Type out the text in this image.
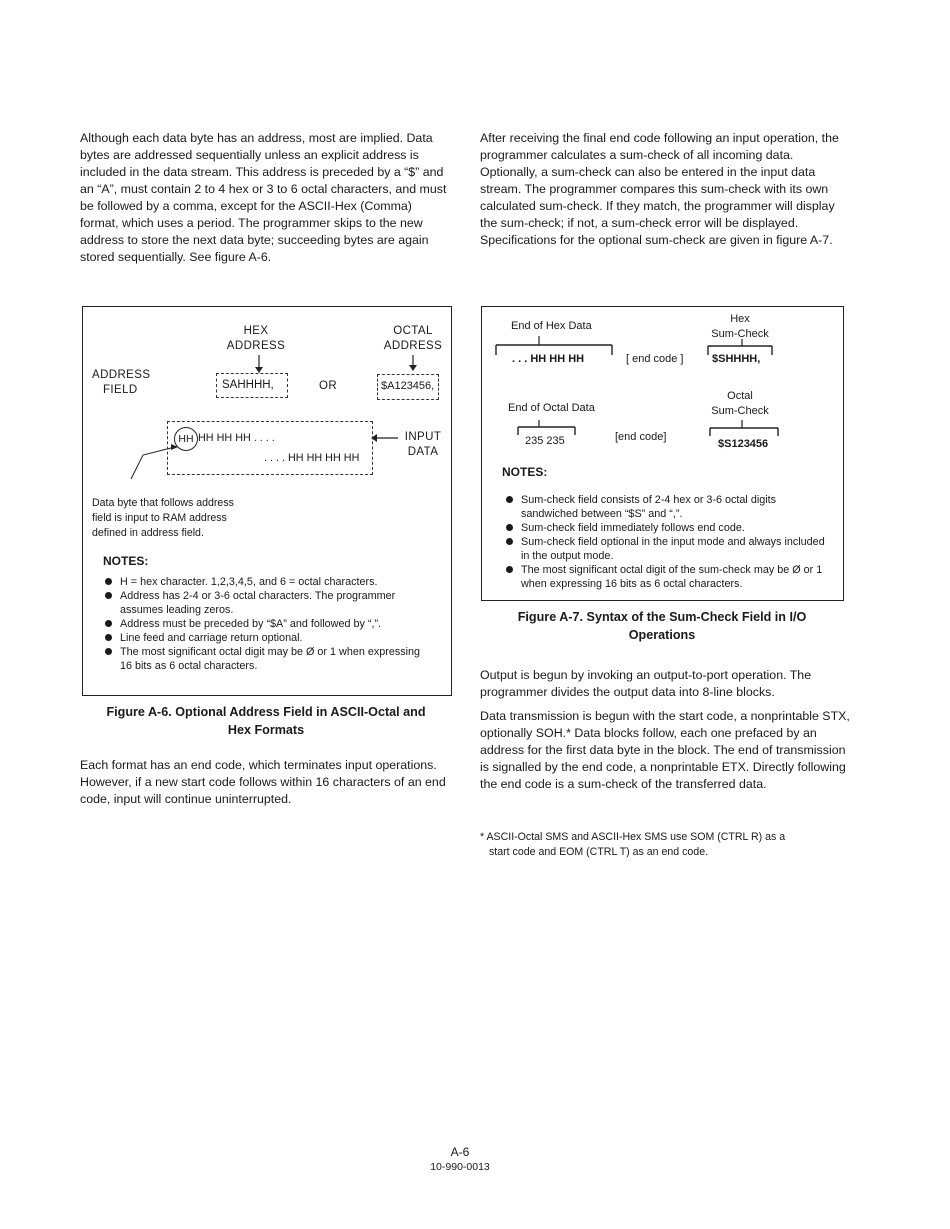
Although each data byte has an address, most are implied. Data bytes are addressed sequentially unless an explicit address is included in the data stream. This address is preceded by a “$” and an “A”, must contain 2 to 4 hex or 3 to 6 octal characters, and must be followed by a comma, except for the ASCII-Hex (Comma) format, which uses a period. The programmer skips to the new address to store the next data byte; succeeding bytes are again stored sequentially. See figure A-6.

HEX
ADDRESS
OCTAL
ADDRESS
ADDRESS
FIELD	SAHHHH,	OR	$A123456,
HH HH HH HH . . . .
. . . . HH HH HH HH
INPUT
DATA
Data byte that follows address
field is input to RAM address
defined in address field.
NOTES:
H = hex character. 1,2,3,4,5, and 6 = octal characters.
Address has 2-4 or 3-6 octal characters. The programmer assumes leading zeros.
Address must be preceded by “$A” and followed by “,”.
Line feed and carriage return optional.
The most significant octal digit may be Ø or 1 when expressing 16 bits as 6 octal characters.
Figure A-6. Optional Address Field in ASCII-Octal and
Hex Formats

Each format has an end code, which terminates input operations. However, if a new start code follows within 16 characters of an end code, input will continue uninterrupted.

After receiving the final end code following an input operation, the programmer calculates a sum-check of all incoming data. Optionally, a sum-check can also be entered in the input data stream. The programmer compares this sum-check with its own calculated sum-check. If they match, the programmer will display the sum-check; if not, a sum-check error will be displayed. Specifications for the optional sum-check are given in figure A-7.

End of Hex Data
Hex
Sum-Check
. . . HH HH HH	[ end code ]	$SHHHH,
End of Octal Data
Octal
Sum-Check
235 235	[end code]
$S123456
NOTES:
Sum-check field consists of 2-4 hex or 3-6 octal digits sandwiched between “$S” and “,”.
Sum-check field immediately follows end code.
Sum-check field optional in the input mode and always included in the output mode.
The most significant octal digit of the sum-check may be Ø or 1 when expressing 16 bits as 6 octal characters.
Figure A-7. Syntax of the Sum-Check Field in I/O
Operations

Output is begun by invoking an output-to-port operation. The programmer divides the output data into 8-line blocks.

Data transmission is begun with the start code, a nonprintable STX, optionally SOH.* Data blocks follow, each one prefaced by an address for the first data byte in the block. The end of transmission is signalled by the end code, a nonprintable ETX. Directly following the end code is a sum-check of the transferred data.

* ASCII-Octal SMS and ASCII-Hex SMS use SOM (CTRL R) as a
start code and EOM (CTRL T) as an end code.
A-6
10-990-0013
